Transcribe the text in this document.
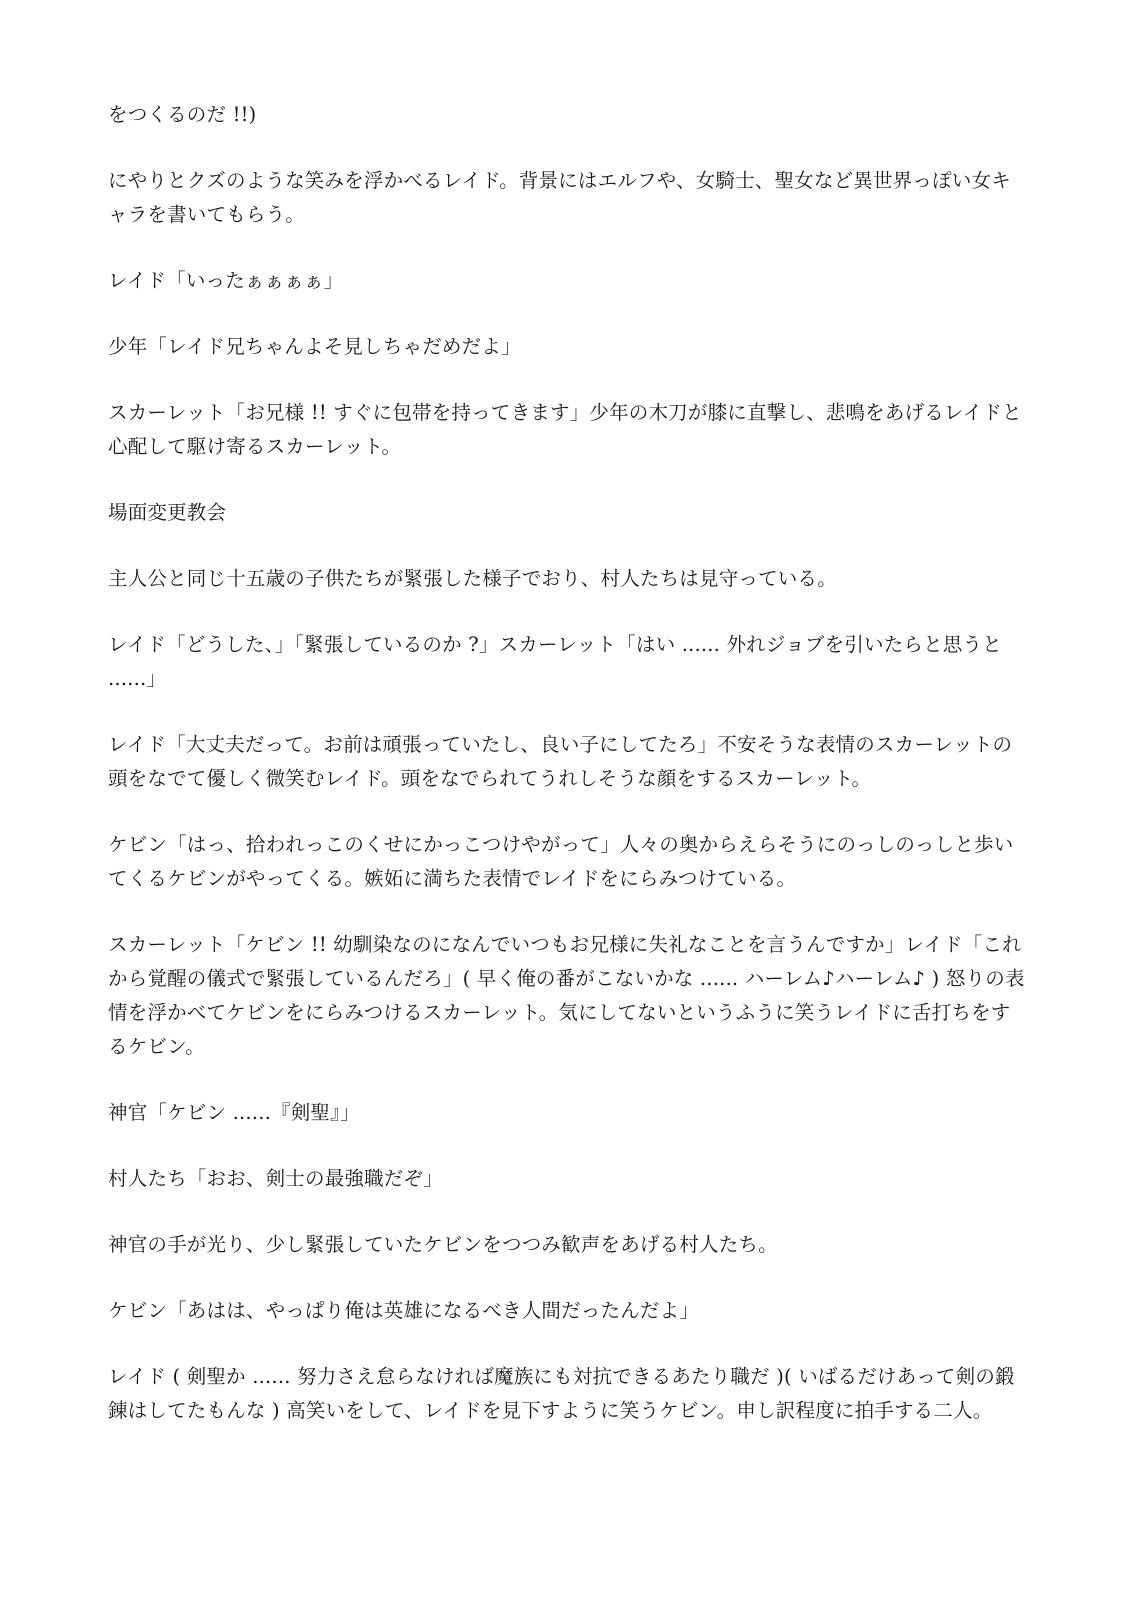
をつくるのだ !!)

にやりとクズのような笑みを浮かべるレイド。背景にはエルフや、女騎士、聖女など異世界っぽい女キャラを書いてもらう。

レイド「いったぁぁぁぁ」

少年「レイド兄ちゃんよそ見しちゃだめだよ」

スカーレット「お兄様 !! すぐに包帯を持ってきます」少年の木刀が膝に直撃し、悲鳴をあげるレイドと心配して駆け寄るスカーレット。

場面変更教会

主人公と同じ十五歳の子供たちが緊張した様子でおり、村人たちは見守っている。

レイド「どうした、」「緊張しているのか ?」スカーレット「はい ...... 外れジョブを引いたらと思うと ......」

レイド「大丈夫だって。お前は頑張っていたし、良い子にしてたろ」不安そうな表情のスカーレットの頭をなでて優しく微笑むレイド。頭をなでられてうれしそうな顔をするスカーレット。

ケビン「はっ、拾われっこのくせにかっこつけやがって」人々の奥からえらそうにのっしのっしと歩いてくるケビンがやってくる。嫉妬に満ちた表情でレイドをにらみつけている。

スカーレット「ケビン !! 幼馴染なのになんでいつもお兄様に失礼なことを言うんですか」レイド「これから覚醒の儀式で緊張しているんだろ」( 早く俺の番がこないかな ...... ハーレム♪ハーレム♪ ) 怒りの表情を浮かべてケビンをにらみつけるスカーレット。気にしてないというふうに笑うレイドに舌打ちをするケビン。

神官「ケビン ......『剣聖』」

村人たち「おお、剣士の最強職だぞ」

神官の手が光り、少し緊張していたケビンをつつみ歓声をあげる村人たち。

ケビン「あはは、やっぱり俺は英雄になるべき人間だったんだよ」

レイド ( 剣聖か ...... 努力さえ怠らなければ魔族にも対抗できるあたり職だ )( いばるだけあって剣の鍛錬はしてたもんな ) 高笑いをして、レイドを見下すように笑うケビン。申し訳程度に拍手する二人。
